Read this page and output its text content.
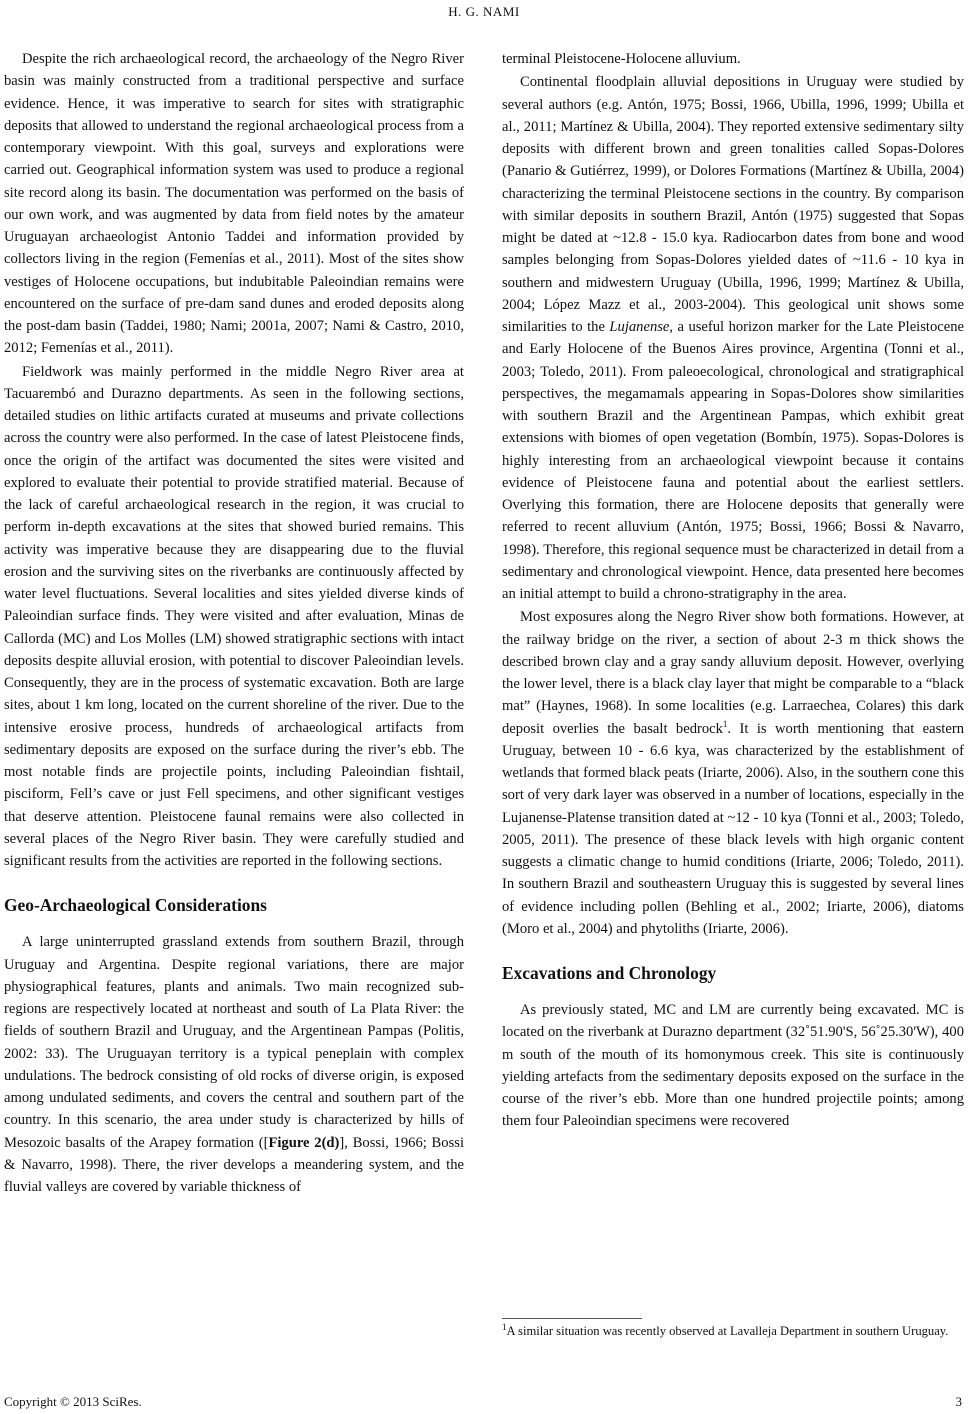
H. G. NAMI

Despite the rich archaeological record, the archaeology of the Negro River basin was mainly constructed from a traditional perspective and surface evidence. Hence, it was imperative to search for sites with stratigraphic deposits that allowed to understand the regional archaeological process from a contemporary viewpoint. With this goal, surveys and explorations were carried out. Geographical information system was used to produce a regional site record along its basin. The documentation was performed on the basis of our own work, and was augmented by data from field notes by the amateur Uruguayan archaeologist Antonio Taddei and information provided by collectors living in the region (Femenías et al., 2011). Most of the sites show vestiges of Holocene occupations, but indubitable Paleoindian remains were encountered on the surface of pre-dam sand dunes and eroded deposits along the post-dam basin (Taddei, 1980; Nami; 2001a, 2007; Nami & Castro, 2010, 2012; Femenías et al., 2011).

Fieldwork was mainly performed in the middle Negro River area at Tacuarembó and Durazno departments. As seen in the following sections, detailed studies on lithic artifacts curated at museums and private collections across the country were also performed. In the case of latest Pleistocene finds, once the origin of the artifact was documented the sites were visited and explored to evaluate their potential to provide stratified material. Because of the lack of careful archaeological research in the region, it was crucial to perform in-depth excavations at the sites that showed buried remains. This activity was imperative because they are disappearing due to the fluvial erosion and the surviving sites on the riverbanks are continuously affected by water level fluctuations. Several localities and sites yielded diverse kinds of Paleoindian surface finds. They were visited and after evaluation, Minas de Callorda (MC) and Los Molles (LM) showed stratigraphic sections with intact deposits despite alluvial erosion, with potential to discover Paleoindian levels. Consequently, they are in the process of systematic excavation. Both are large sites, about 1 km long, located on the current shoreline of the river. Due to the intensive erosive process, hundreds of archaeological artifacts from sedimentary deposits are exposed on the surface during the river’s ebb. The most notable finds are projectile points, including Paleoindian fishtail, pisciform, Fell’s cave or just Fell specimens, and other significant vestiges that deserve attention. Pleistocene faunal remains were also collected in several places of the Negro River basin. They were carefully studied and significant results from the activities are reported in the following sections.

Geo-Archaeological Considerations

A large uninterrupted grassland extends from southern Brazil, through Uruguay and Argentina. Despite regional variations, there are major physiographical features, plants and animals. Two main recognized sub-regions are respectively located at northeast and south of La Plata River: the fields of southern Brazil and Uruguay, and the Argentinean Pampas (Politis, 2002: 33). The Uruguayan territory is a typical peneplain with complex undulations. The bedrock consisting of old rocks of diverse origin, is exposed among undulated sediments, and covers the central and southern part of the country. In this scenario, the area under study is characterized by hills of Mesozoic basalts of the Arapey formation ([Figure 2(d)], Bossi, 1966; Bossi & Navarro, 1998). There, the river develops a meandering system, and the fluvial valleys are covered by variable thickness of

terminal Pleistocene-Holocene alluvium.

Continental floodplain alluvial depositions in Uruguay were studied by several authors (e.g. Antón, 1975; Bossi, 1966, Ubilla, 1996, 1999; Ubilla et al., 2011; Martínez & Ubilla, 2004). They reported extensive sedimentary silty deposits with different brown and green tonalities called Sopas-Dolores (Panario & Gutiérrez, 1999), or Dolores Formations (Martínez & Ubilla, 2004) characterizing the terminal Pleistocene sections in the country. By comparison with similar deposits in southern Brazil, Antón (1975) suggested that Sopas might be dated at ~12.8 - 15.0 kya. Radiocarbon dates from bone and wood samples belonging from Sopas-Dolores yielded dates of ~11.6 - 10 kya in southern and midwestern Uruguay (Ubilla, 1996, 1999; Martínez & Ubilla, 2004; López Mazz et al., 2003-2004). This geological unit shows some similarities to the Lujanense, a useful horizon marker for the Late Pleistocene and Early Holocene of the Buenos Aires province, Argentina (Tonni et al., 2003; Toledo, 2011). From paleoecological, chronological and stratigraphical perspectives, the megamamals appearing in Sopas-Dolores show similarities with southern Brazil and the Argentinean Pampas, which exhibit great extensions with biomes of open vegetation (Bombín, 1975). Sopas-Dolores is highly interesting from an archaeological viewpoint because it contains evidence of Pleistocene fauna and potential about the earliest settlers. Overlying this formation, there are Holocene deposits that generally were referred to recent alluvium (Antón, 1975; Bossi, 1966; Bossi & Navarro, 1998). Therefore, this regional sequence must be characterized in detail from a sedimentary and chronological viewpoint. Hence, data presented here becomes an initial attempt to build a chrono-stratigraphy in the area.

Most exposures along the Negro River show both formations. However, at the railway bridge on the river, a section of about 2-3 m thick shows the described brown clay and a gray sandy alluvium deposit. However, overlying the lower level, there is a black clay layer that might be comparable to a “black mat” (Haynes, 1968). In some localities (e.g. Larraechea, Colares) this dark deposit overlies the basalt bedrock$^1$. It is worth mentioning that eastern Uruguay, between 10 - 6.6 kya, was characterized by the establishment of wetlands that formed black peats (Iriarte, 2006). Also, in the southern cone this sort of very dark layer was observed in a number of locations, especially in the Lujanense-Platense transition dated at ~12 - 10 kya (Tonni et al., 2003; Toledo, 2005, 2011). The presence of these black levels with high organic content suggests a climatic change to humid conditions (Iriarte, 2006; Toledo, 2011). In southern Brazil and southeastern Uruguay this is suggested by several lines of evidence including pollen (Behling et al., 2002; Iriarte, 2006), diatoms (Moro et al., 2004) and phytoliths (Iriarte, 2006).

Excavations and Chronology

As previously stated, MC and LM are currently being excavated. MC is located on the riverbank at Durazno department (32˚51.90'S, 56˚25.30'W), 400 m south of the mouth of its homonymous creek. This site is continuously yielding artefacts from the sedimentary deposits exposed on the surface in the course of the river’s ebb. More than one hundred projectile points; among them four Paleoindian specimens were recovered

$^1$A similar situation was recently observed at Lavalleja Department in southern Uruguay.

Copyright © 2013 SciRes.	3
